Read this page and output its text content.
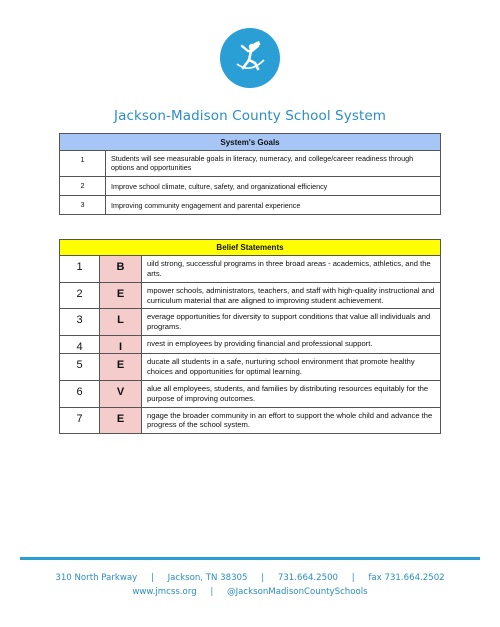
Jackson-Madison County School System
System's Goals	
1	Students will see measurable goals in literacy, numeracy, and college/career readiness through options and opportunities
2	Improve school climate, culture, safety, and organizational efficiency
3	Improving community engagement and parental experience
Belief Statements		
1	B	uild strong, successful programs in three broad areas - academics, athletics, and the arts.
2	E	mpower schools, administrators, teachers, and staff with high-quality instructional and curriculum material that are aligned to improving student achievement.
3	L	everage opportunities for diversity to support conditions that value all individuals and programs.
4	I	nvest in employees by providing financial and professional support.
5	E	ducate all students in a safe, nurturing school environment that promote healthy choices and opportunities for optimal learning.
6	V	alue all employees, students, and families by distributing resources equitably for the purpose of improving outcomes.
7	E	ngage the broader community in an effort to support the whole child and advance the progress of the school system.
310 North Parkway | Jackson, TN 38305 | 731.664.2500 | fax 731.664.2502
www.jmcss.org | @JacksonMadisonCountySchools
